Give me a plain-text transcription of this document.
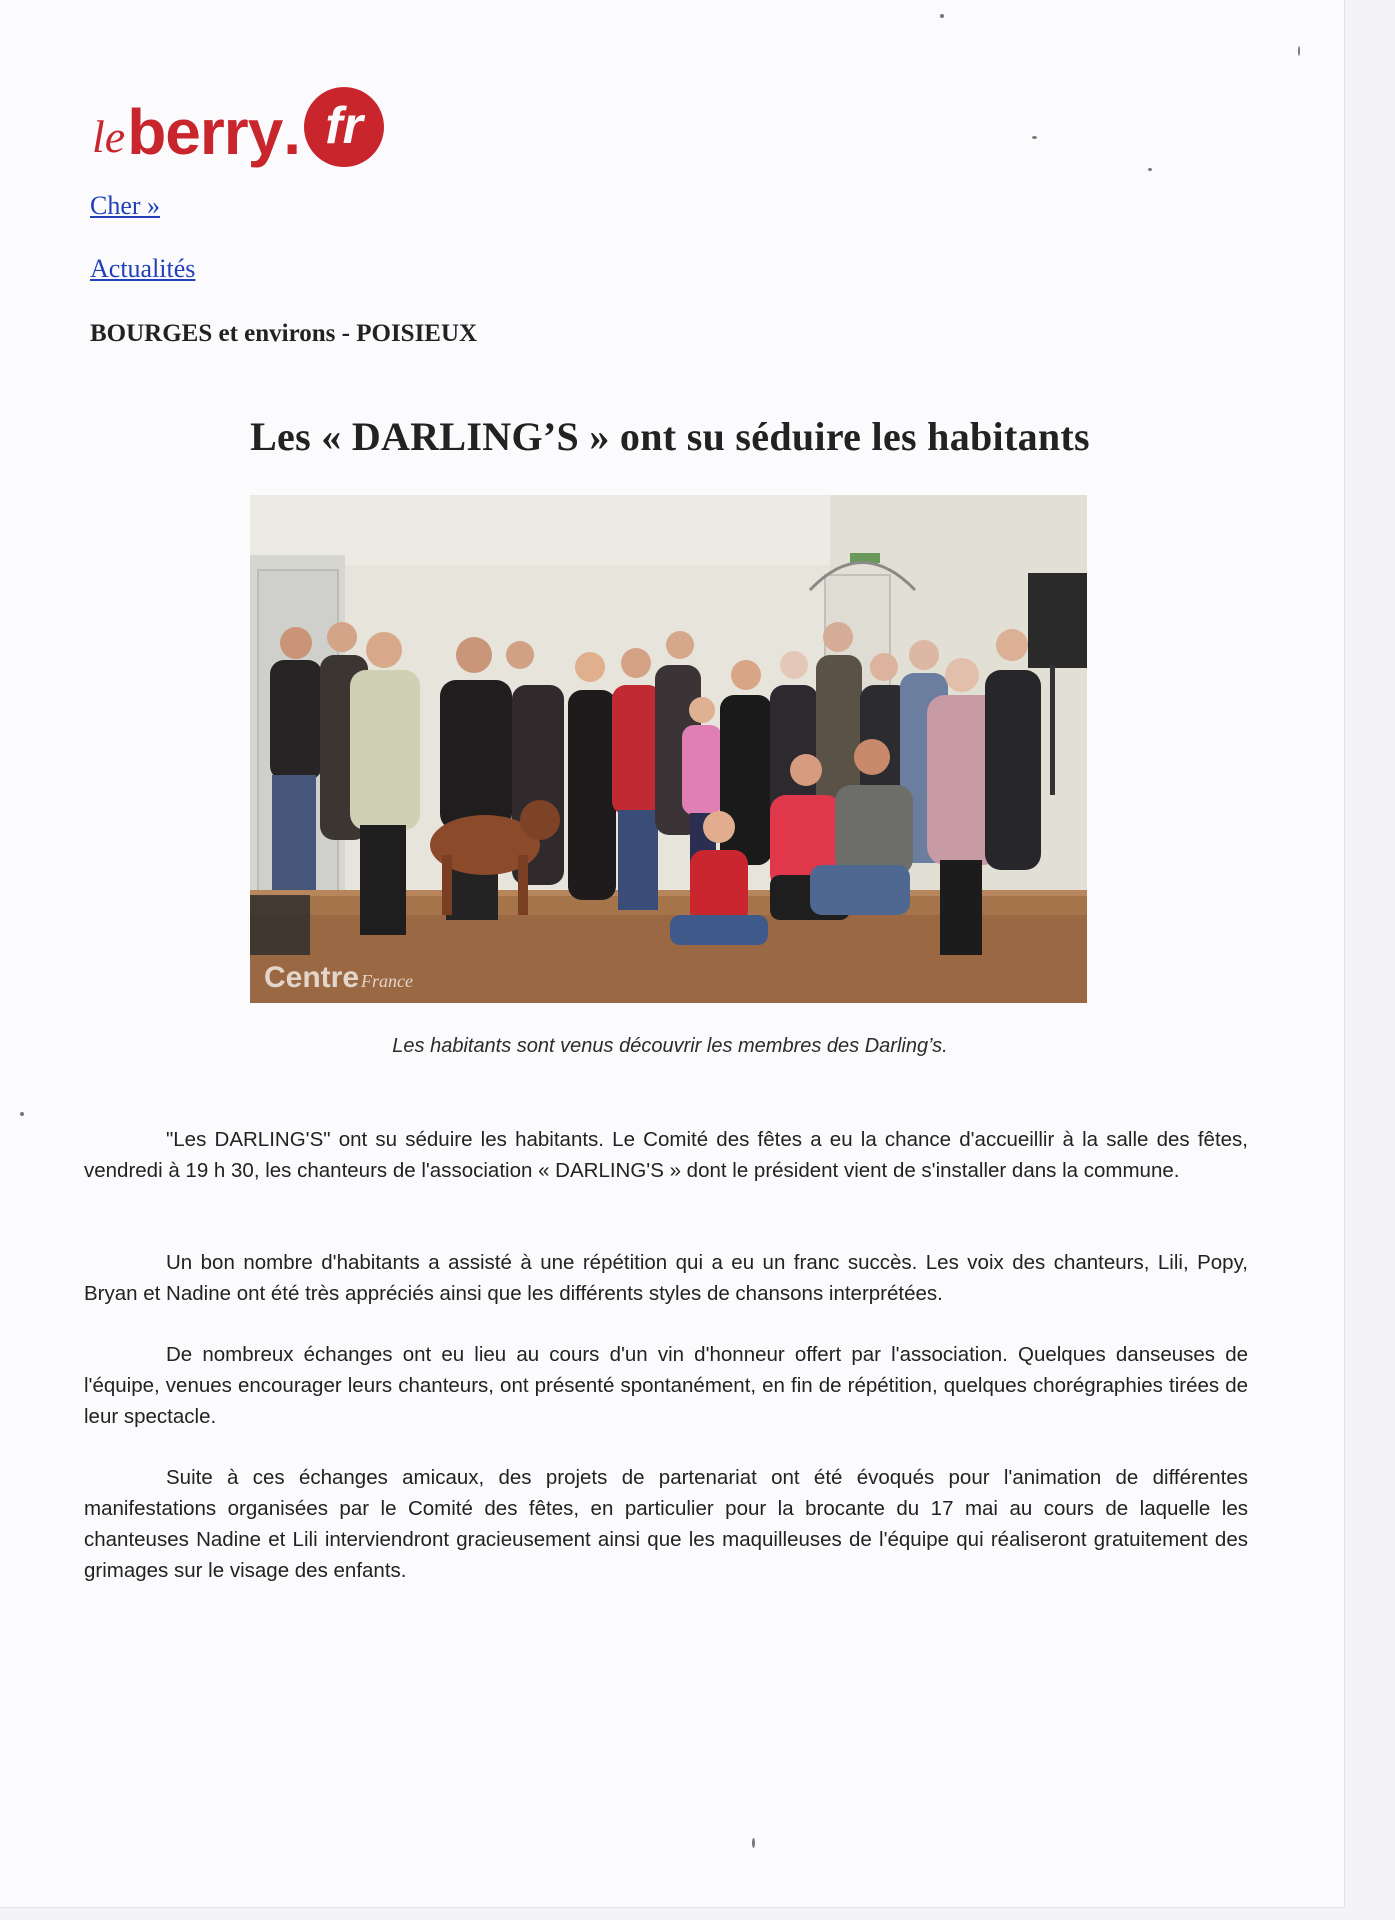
le berry . fr
Cher »
Actualités
BOURGES et environs - POISIEUX
Les « DARLING’S » ont su séduire les habitants
Centre France
Les habitants sont venus découvrir les membres des Darling’s.

"Les DARLING'S" ont su séduire les habitants. Le Comité des fêtes a eu la chance d'accueillir à la salle des fêtes, vendredi à 19 h 30, les chanteurs de l'association « DARLING'S » dont le président vient de s'installer dans la commune.

Un bon nombre d'habitants a assisté à une répétition qui a eu un franc succès. Les voix des chanteurs, Lili, Popy, Bryan et Nadine ont été très appréciés ainsi que les différents styles de chansons interprétées.

De nombreux échanges ont eu lieu au cours d'un vin d'honneur offert par l'association. Quelques danseuses de l'équipe, venues encourager leurs chanteurs, ont présenté spontanément, en fin de répétition, quelques chorégraphies tirées de leur spectacle.

Suite à ces échanges amicaux, des projets de partenariat ont été évoqués pour l'animation de différentes manifestations organisées par le Comité des fêtes, en particulier pour la brocante du 17 mai au cours de laquelle les chanteuses Nadine et Lili interviendront gracieusement ainsi que les maquilleuses de l'équipe qui réaliseront gratuitement des grimages sur le visage des enfants.
